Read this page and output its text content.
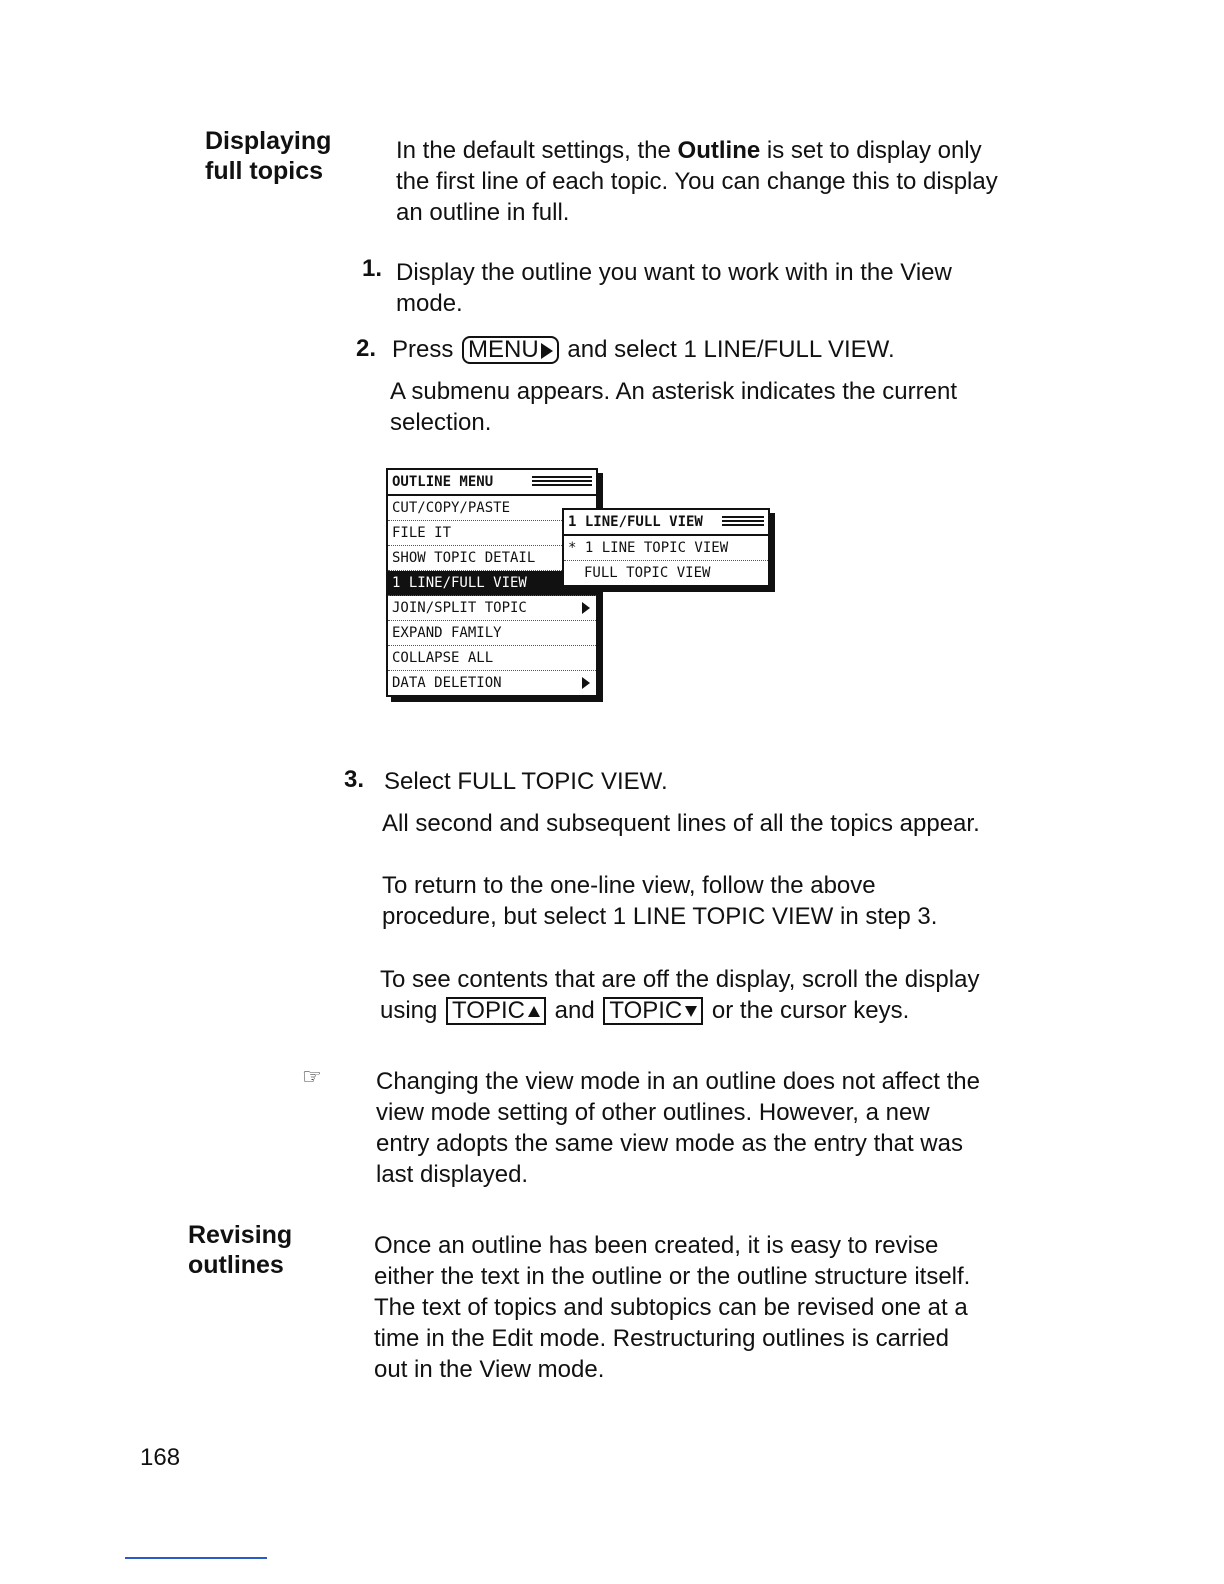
Displaying
full topics
In the default settings, the Outline is set to display only
the first line of each topic. You can change this to display
an outline in full.
1. Display the outline you want to work with in the View
mode.
2. Press MENU and select 1 LINE/FULL VIEW.
A submenu appears. An asterisk indicates the current
selection.
OUTLINE MENU
CUT/COPY/PASTE
FILE IT
SHOW TOPIC DETAIL
1 LINE/FULL VIEW
JOIN/SPLIT TOPIC
EXPAND FAMILY
COLLAPSE ALL
DATA DELETION
1 LINE/FULL VIEW
* 1 LINE TOPIC VIEW
FULL TOPIC VIEW
3. Select FULL TOPIC VIEW.
All second and subsequent lines of all the topics appear.
To return to the one-line view, follow the above
procedure, but select 1 LINE TOPIC VIEW in step 3.
To see contents that are off the display, scroll the display
using TOPIC and TOPIC or the cursor keys.
☞ Changing the view mode in an outline does not affect the
view mode setting of other outlines. However, a new
entry adopts the same view mode as the entry that was
last displayed.
Revising
outlines
Once an outline has been created, it is easy to revise
either the text in the outline or the outline structure itself.
The text of topics and subtopics can be revised one at a
time in the Edit mode. Restructuring outlines is carried
out in the View mode.
168
